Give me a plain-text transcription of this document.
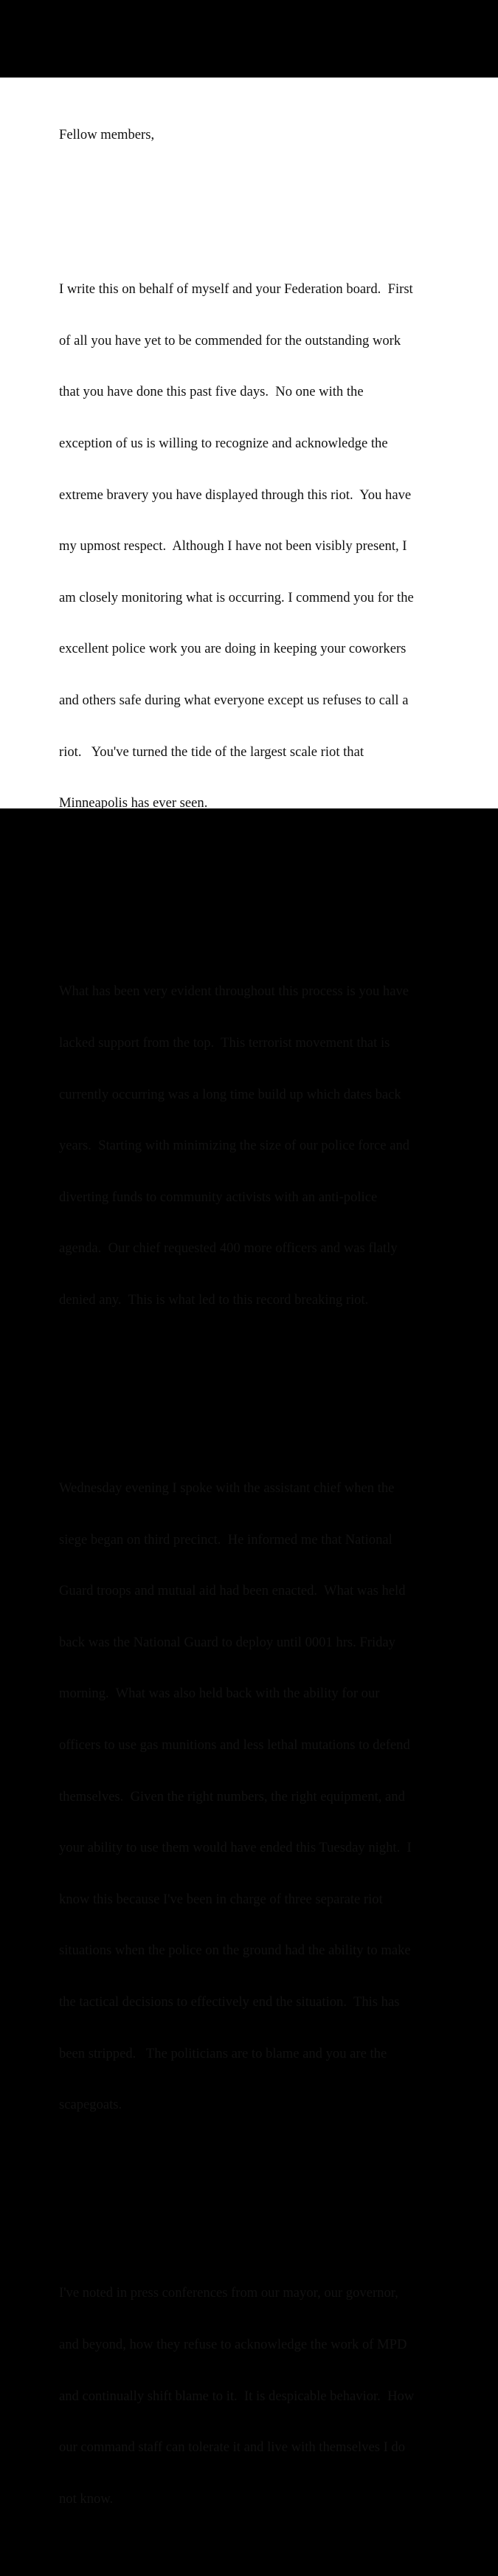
Fellow members,

I write this on behalf of myself and your Federation board.  First

of all you have yet to be commended for the outstanding work

that you have done this past five days.  No one with the

exception of us is willing to recognize and acknowledge the

extreme bravery you have displayed through this riot.  You have

my upmost respect.  Although I have not been visibly present, I

am closely monitoring what is occurring. I commend you for the

excellent police work you are doing in keeping your coworkers

and others safe during what everyone except us refuses to call a

riot.   You've turned the tide of the largest scale riot that

Minneapolis has ever seen.

What has been very evident throughout this process is you have

lacked support from the top.  This terrorist movement that is

currently occurring was a long time build up which dates back

years.  Starting with minimizing the size of our police force and

diverting funds to community activists with an anti-police

agenda.  Our chief requested 400 more officers and was flatly

denied any.  This is what led to this record breaking riot.

Wednesday evening I spoke with the assistant chief when the

siege began on third precinct.  He informed me that National

Guard troops and mutual aid had been enacted.  What was held

back was the National Guard to deploy until 0001 hrs. Friday

morning.  What was also held back with the ability for our

officers to use gas munitions and less lethal mutations to defend

themselves.  Given the right numbers, the right equipment, and

your ability to use them would have ended this Tuesday night.  I

know this because I've been in charge of three separate riot

situations when the police on the ground had the ability to make

the tactical decisions to effectively end the situation.  This has

been stripped.   The politicians are to blame and you are the

scapegoats.

I've noted in press conferences from our mayor, our governor,

and beyond, how they refuse to acknowledge the work of MPD

and continually shift blame to it.  It is despicable behavior.  How

our command staff can tolerate it and live with themselves I do

not know.
